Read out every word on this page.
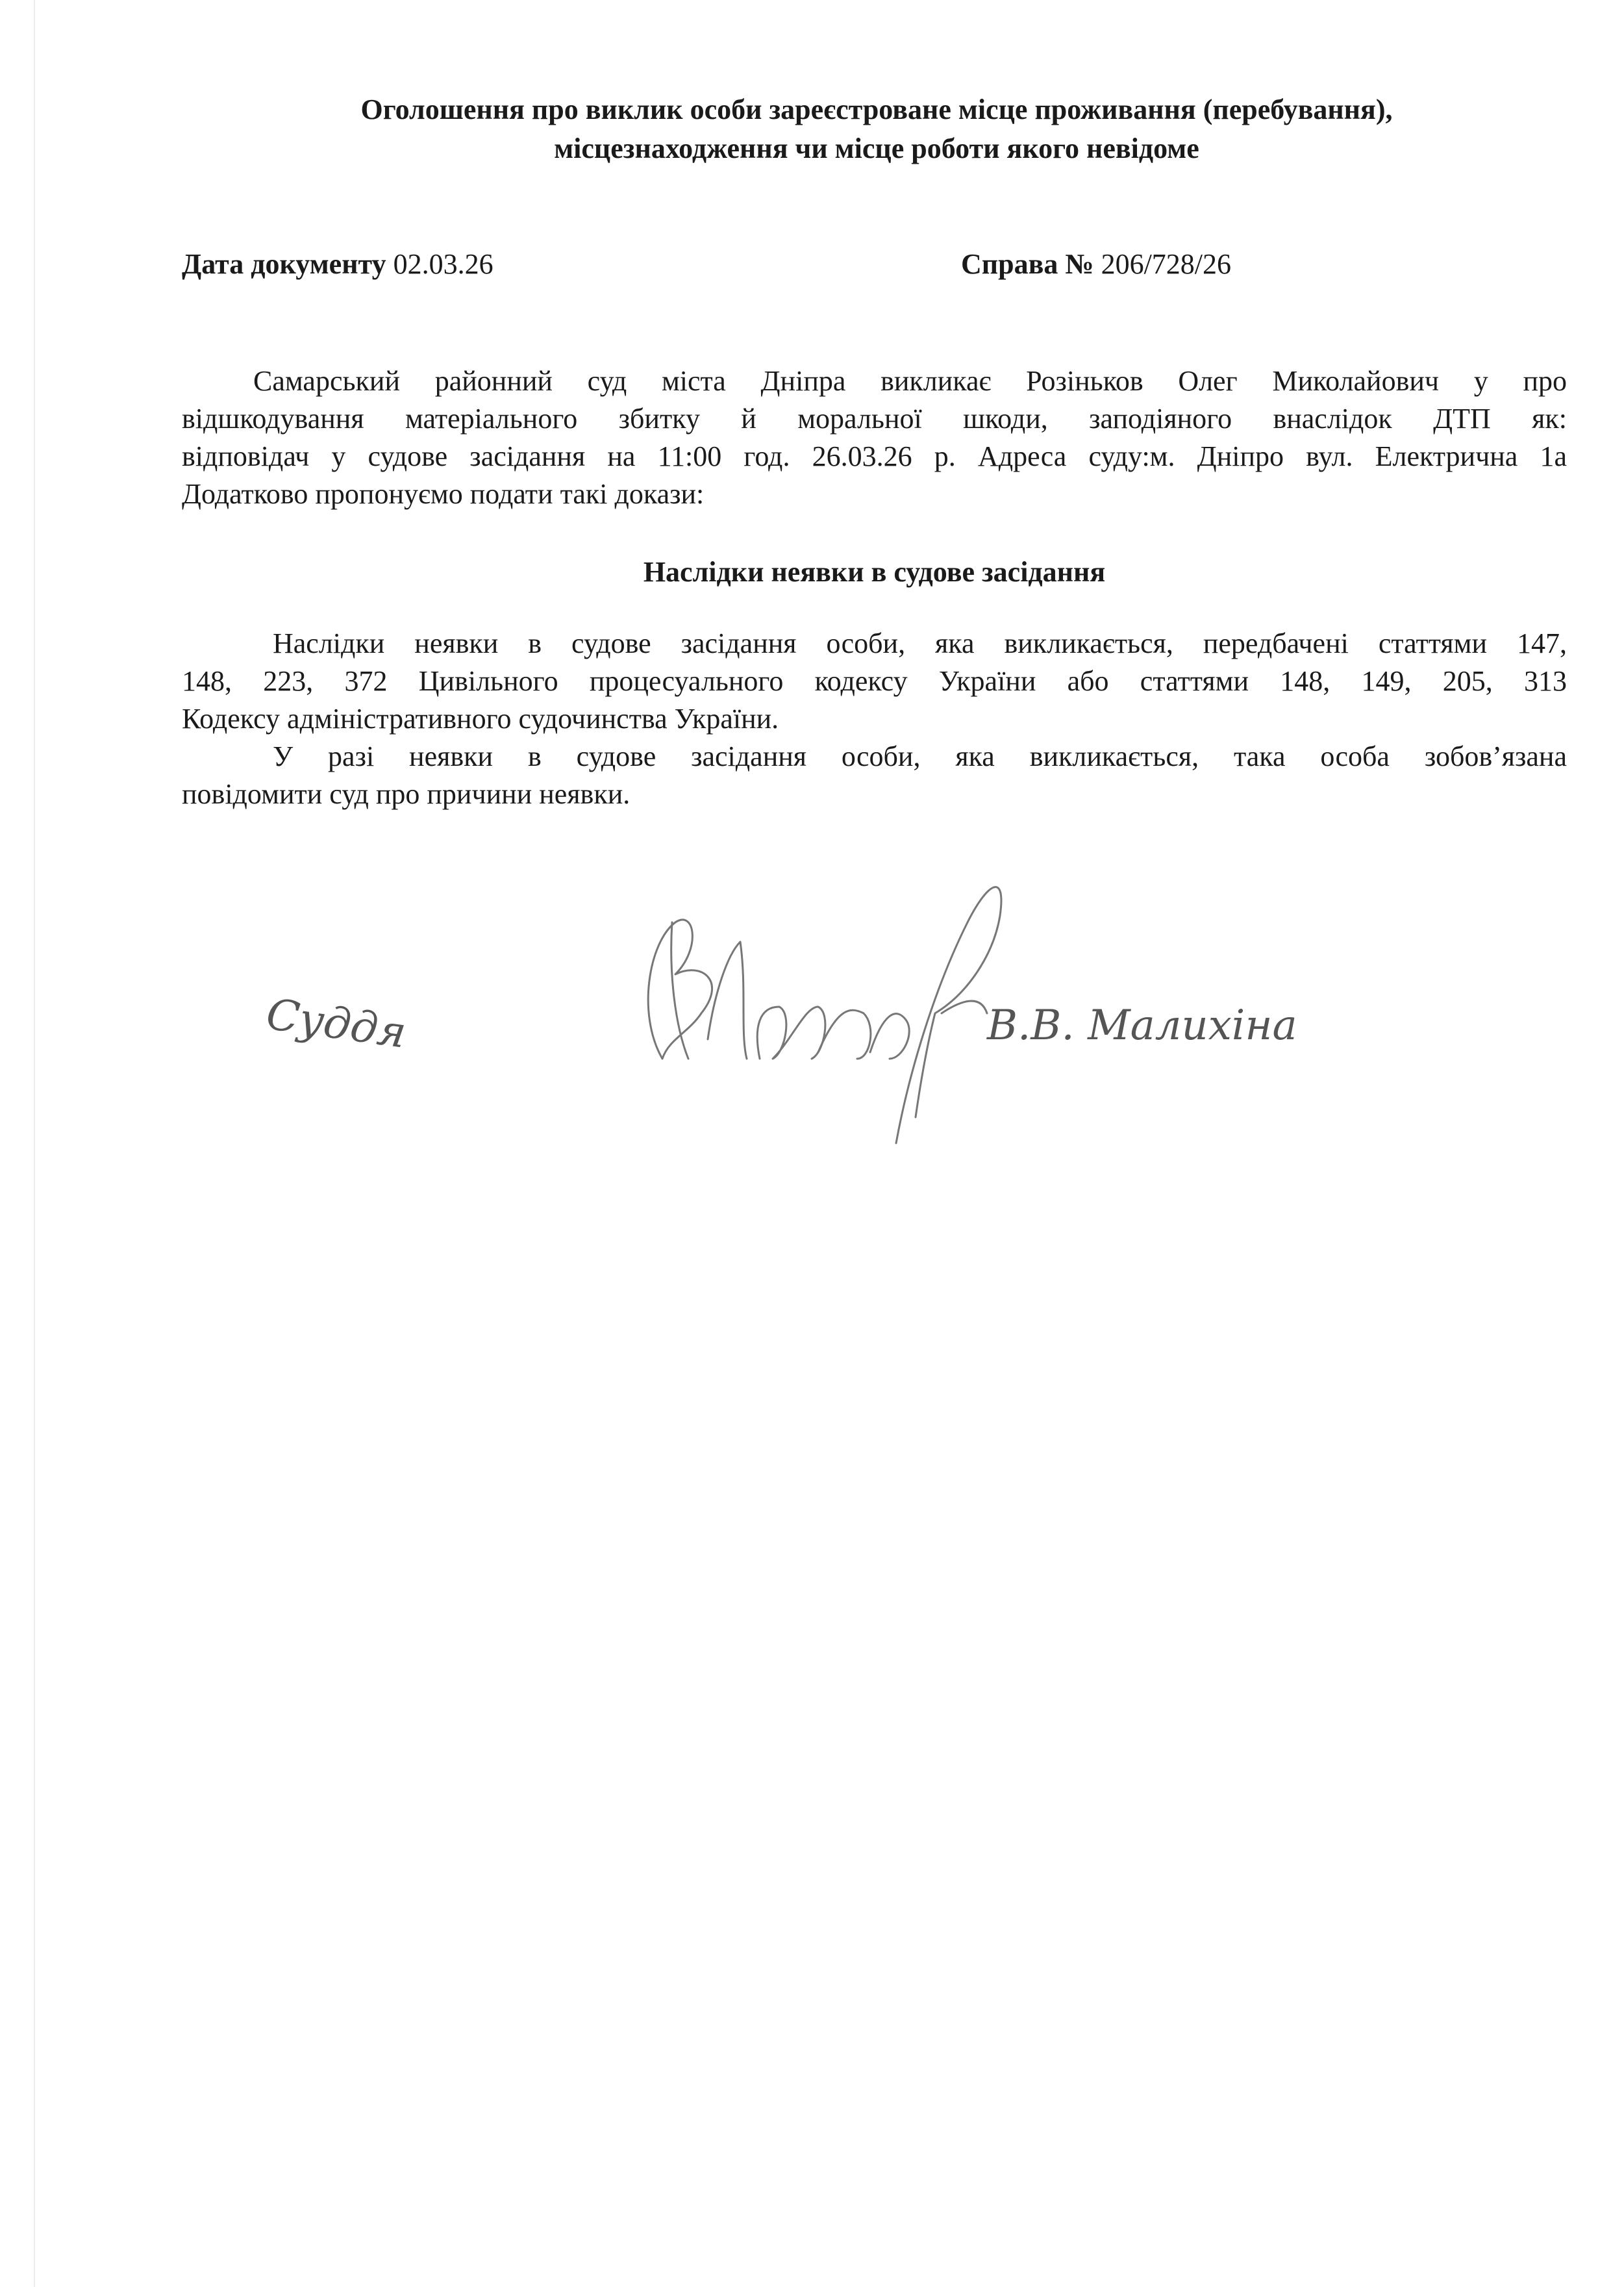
Оголошення про виклик особи зареєстроване місце проживання (перебування),
місцезнаходження чи місце роботи якого невідоме
Дата документу 02.03.26	Справа № 206/728/26
Самарський районний суд міста Дніпра викликає Розіньков Олег Миколайович у про
відшкодування матеріального збитку й моральної шкоди, заподіяного внаслідок ДТП як:
відповідач у судове засідання на 11:00 год. 26.03.26 р. Адреса суду:м. Дніпро вул. Електрична 1а
Додатково пропонуємо подати такі докази:
Наслідки неявки в судове засідання
Наслідки неявки в судове засідання особи, яка викликається, передбачені статтями 147,
148, 223, 372 Цивільного процесуального кодексу України або статтями 148, 149, 205, 313
Кодексу адміністративного судочинства України.
У разі неявки в судове засідання особи, яка викликається, така особа зобов’язана
повідомити суд про причини неявки.
Суддя	В.В. Малихіна
